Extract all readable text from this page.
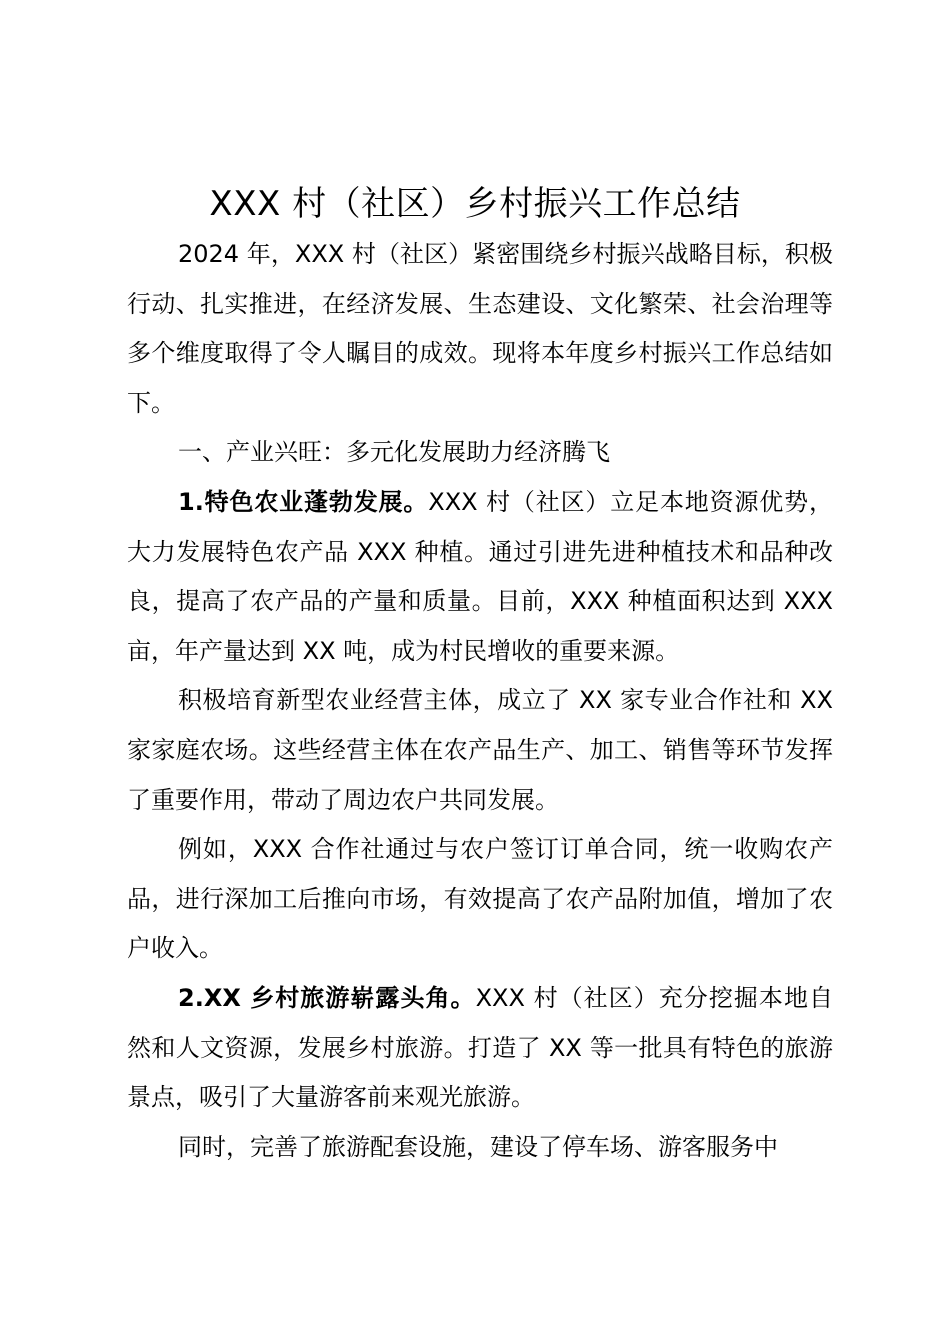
XXX 村（社区）乡村振兴工作总结

2024 年，XXX 村（社区）紧密围绕乡村振兴战略目标，积极行动、扎实推进，在经济发展、生态建设、文化繁荣、社会治理等多个维度取得了令人瞩目的成效。现将本年度乡村振兴工作总结如下。

一、产业兴旺：多元化发展助力经济腾飞

1.特色农业蓬勃发展。XXX 村（社区）立足本地资源优势，大力发展特色农产品 XXX 种植。通过引进先进种植技术和品种改良，提高了农产品的产量和质量。目前，XXX 种植面积达到 XXX 亩，年产量达到 XX 吨，成为村民增收的重要来源。

积极培育新型农业经营主体，成立了 XX 家专业合作社和 XX 家家庭农场。这些经营主体在农产品生产、加工、销售等环节发挥了重要作用，带动了周边农户共同发展。

例如，XXX 合作社通过与农户签订订单合同，统一收购农产品，进行深加工后推向市场，有效提高了农产品附加值，增加了农户收入。

2.XX 乡村旅游崭露头角。XXX 村（社区）充分挖掘本地自然和人文资源，发展乡村旅游。打造了 XX 等一批具有特色的旅游景点，吸引了大量游客前来观光旅游。

同时，完善了旅游配套设施，建设了停车场、游客服务中
